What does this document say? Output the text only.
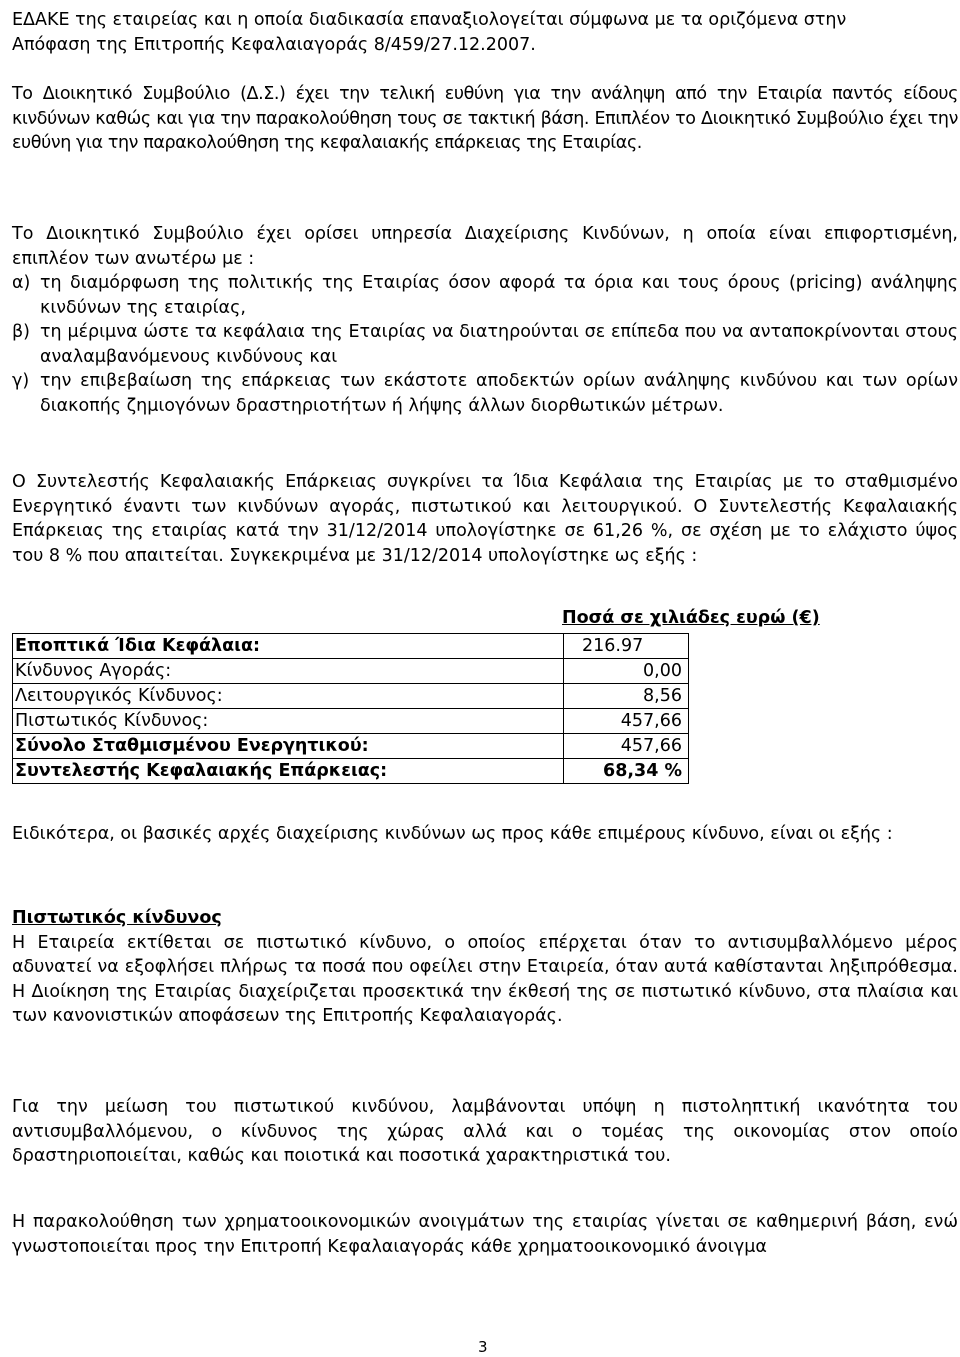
ΕΔΑΚΕ της εταιρείας και η οποία διαδικασία επαναξιολογείται σύμφωνα με τα οριζόμενα στην

Απόφαση της Επιτροπής Κεφαλαιαγοράς 8/459/27.12.2007.

Το Διοικητικό Συμβούλιο (Δ.Σ.) έχει την τελική ευθύνη για την ανάληψη από την Εταιρία παντός είδους κινδύνων καθώς και για την παρακολούθηση τους σε τακτική βάση. Επιπλέον το Διοικητικό Συμβούλιο έχει την ευθύνη για την παρακολούθηση της κεφαλαιακής επάρκειας της Εταιρίας.

Το Διοικητικό Συμβούλιο έχει ορίσει υπηρεσία Διαχείρισης Κινδύνων, η οποία είναι επιφορτισμένη, επιπλέον των ανωτέρω με :

α) τη διαμόρφωση της πολιτικής της Εταιρίας όσον αφορά τα όρια και τους όρους (pricing) ανάληψης κινδύνων της εταιρίας,
β) τη μέριμνα ώστε τα κεφάλαια της Εταιρίας να διατηρούνται σε επίπεδα που να ανταποκρίνονται στους αναλαμβανόμενους κινδύνους και
γ) την επιβεβαίωση της επάρκειας των εκάστοτε αποδεκτών ορίων ανάληψης κινδύνου και των ορίων διακοπής ζημιογόνων δραστηριοτήτων ή λήψης άλλων διορθωτικών μέτρων.

Ο Συντελεστής Κεφαλαιακής Επάρκειας συγκρίνει τα Ίδια Κεφάλαια της Εταιρίας με το σταθμισμένο Ενεργητικό έναντι των κινδύνων αγοράς, πιστωτικού και λειτουργικού. Ο Συντελεστής Κεφαλαιακής Επάρκειας της εταιρίας κατά την 31/12/2014 υπολογίστηκε σε 61,26 %, σε σχέση με το ελάχιστο ύψος του 8 % που απαιτείται. Συγκεκριμένα με 31/12/2014 υπολογίστηκε ως εξής :

Ποσά σε χιλιάδες ευρώ (€)
Εποπτικά Ίδια Κεφάλαια:	216.97
Κίνδυνος Αγοράς:	0,00
Λειτουργικός Κίνδυνος:	8,56
Πιστωτικός Κίνδυνος:	457,66
Σύνολο Σταθμισμένου Ενεργητικού:	457,66
Συντελεστής Κεφαλαιακής Επάρκειας:	68,34 %

Ειδικότερα, οι βασικές αρχές διαχείρισης κινδύνων ως προς κάθε επιμέρους κίνδυνο, είναι οι εξής :

Πιστωτικός κίνδυνος

Η Εταιρεία εκτίθεται σε πιστωτικό κίνδυνο, ο οποίος επέρχεται όταν το αντισυμβαλλόμενο μέρος αδυνατεί να εξοφλήσει πλήρως τα ποσά που οφείλει στην Εταιρεία, όταν αυτά καθίστανται ληξιπρόθεσμα. Η Διοίκηση της Εταιρίας διαχείριζεται προσεκτικά την έκθεσή της σε πιστωτικό κίνδυνο, στα πλαίσια και των κανονιστικών αποφάσεων της Επιτροπής Κεφαλαιαγοράς.

Για την μείωση του πιστωτικού κινδύνου, λαμβάνονται υπόψη η πιστοληπτική ικανότητα του αντισυμβαλλόμενου, ο κίνδυνος της χώρας αλλά και ο τομέας της οικονομίας στον οποίο δραστηριοποιείται, καθώς και ποιοτικά και ποσοτικά χαρακτηριστικά του.

Η παρακολούθηση των χρηματοοικονομικών ανοιγμάτων της εταιρίας γίνεται σε καθημερινή βάση, ενώ γνωστοποιείται προς την Επιτροπή Κεφαλαιαγοράς κάθε χρηματοοικονομικό άνοιγμα

3
